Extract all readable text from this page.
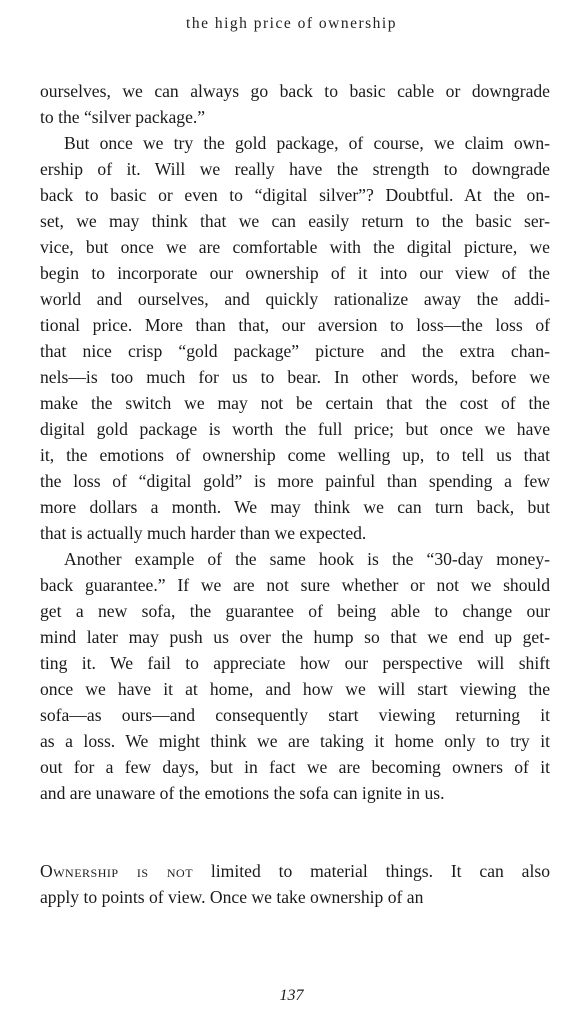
the high price of ownership
ourselves, we can always go back to basic cable or downgrade
to the “silver package.”
But once we try the gold package, of course, we claim own-
ership of it. Will we really have the strength to downgrade
back to basic or even to “digital silver”? Doubtful. At the on-
set, we may think that we can easily return to the basic ser-
vice, but once we are comfortable with the digital picture, we
begin to incorporate our ownership of it into our view of the
world and ourselves, and quickly rationalize away the addi-
tional price. More than that, our aversion to loss—the loss of
that nice crisp “gold package” picture and the extra chan-
nels—is too much for us to bear. In other words, before we
make the switch we may not be certain that the cost of the
digital gold package is worth the full price; but once we have
it, the emotions of ownership come welling up, to tell us that
the loss of “digital gold” is more painful than spending a few
more dollars a month. We may think we can turn back, but
that is actually much harder than we expected.
Another example of the same hook is the “30-day money-
back guarantee.” If we are not sure whether or not we should
get a new sofa, the guarantee of being able to change our
mind later may push us over the hump so that we end up get-
ting it. We fail to appreciate how our perspective will shift
once we have it at home, and how we will start viewing the
sofa—as ours—and consequently start viewing returning it
as a loss. We might think we are taking it home only to try it
out for a few days, but in fact we are becoming owners of it
and are unaware of the emotions the sofa can ignite in us.
Ownership is not limited to material things. It can also
apply to points of view. Once we take ownership of an
137
